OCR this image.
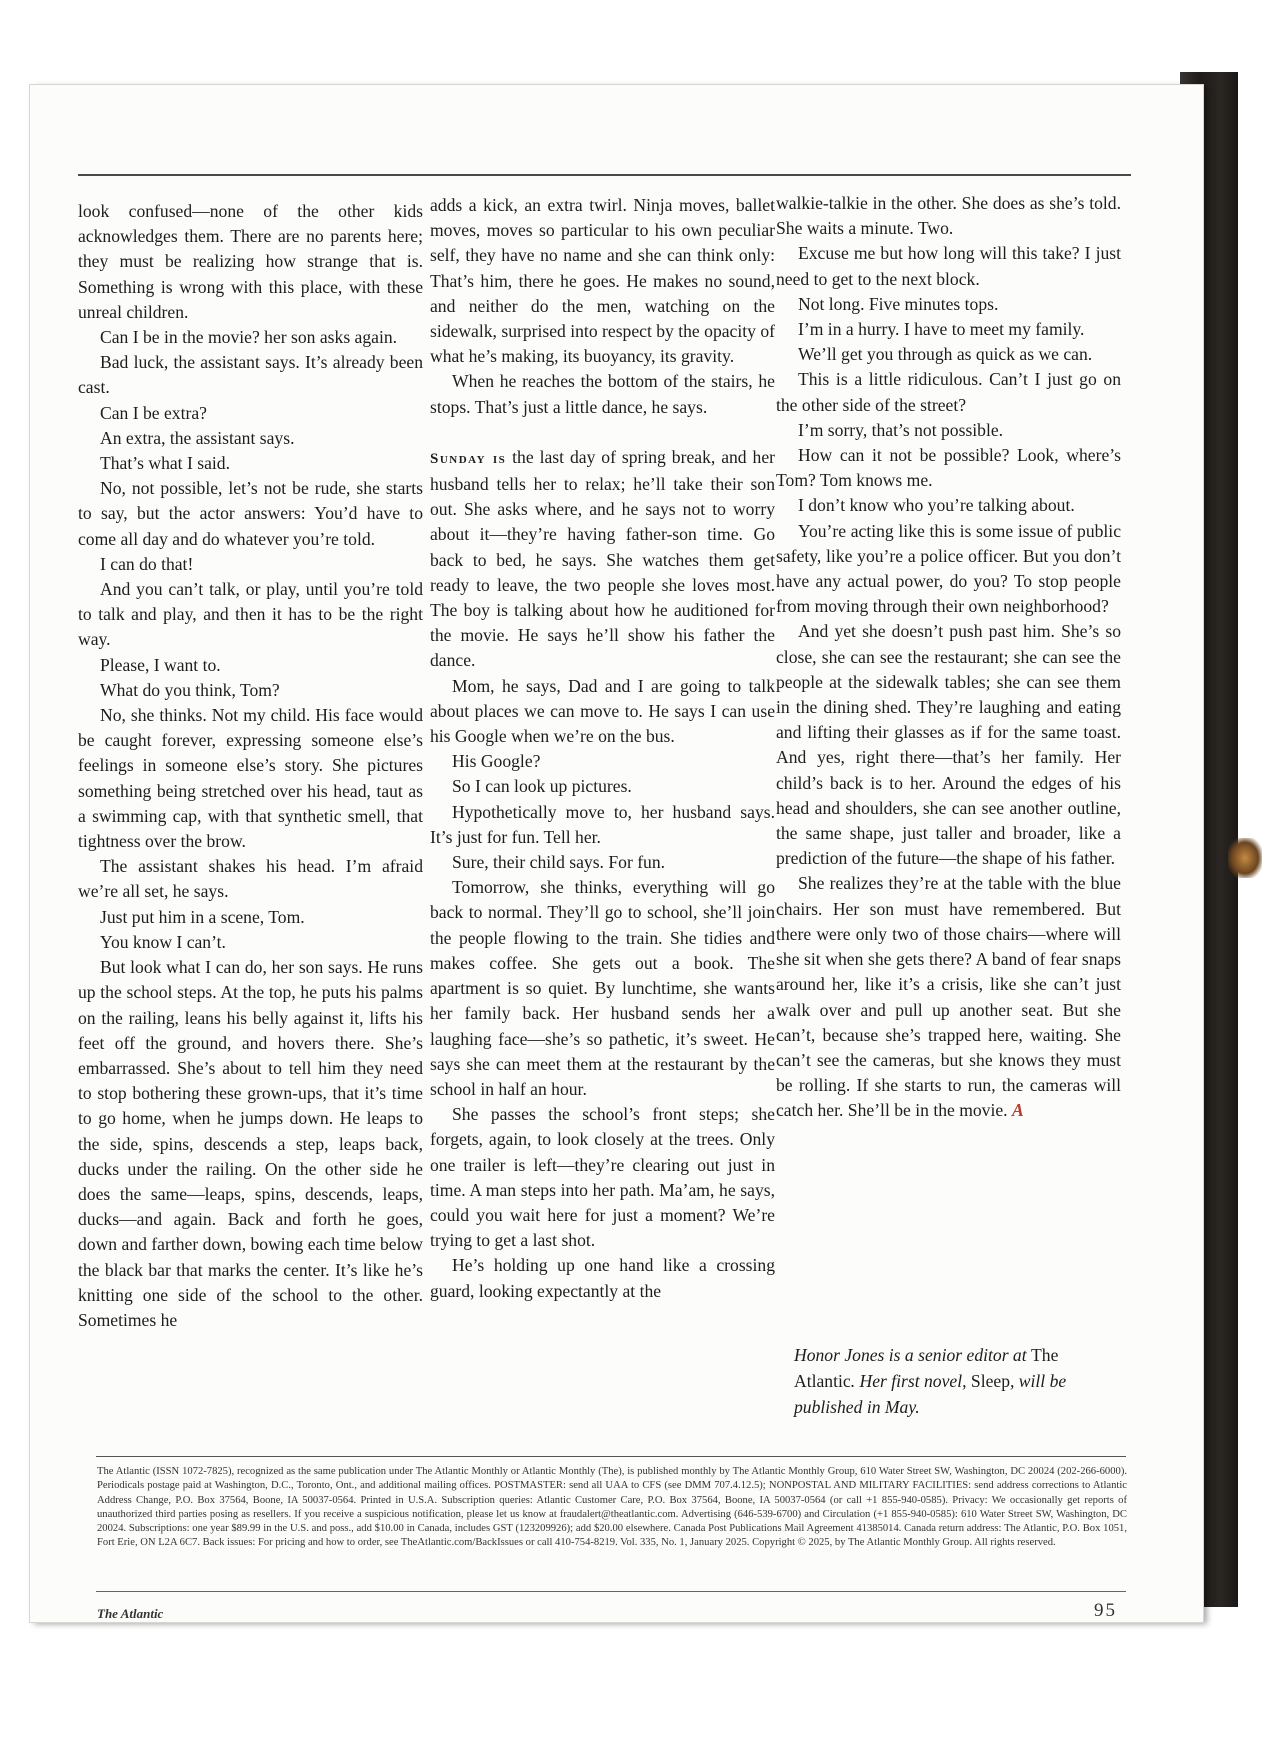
look confused—none of the other kids acknowledges them. There are no parents here; they must be realizing how strange that is. Something is wrong with this place, with these unreal children.

Can I be in the movie? her son asks again.

Bad luck, the assistant says. It’s already been cast.

Can I be extra?

An extra, the assistant says.

That’s what I said.

No, not possible, let’s not be rude, she starts to say, but the actor answers: You’d have to come all day and do whatever you’re told.

I can do that!

And you can’t talk, or play, until you’re told to talk and play, and then it has to be the right way.

Please, I want to.

What do you think, Tom?

No, she thinks. Not my child. His face would be caught forever, expressing someone else’s feelings in someone else’s story. She pictures something being stretched over his head, taut as a swimming cap, with that synthetic smell, that tightness over the brow.

The assistant shakes his head. I’m afraid we’re all set, he says.

Just put him in a scene, Tom.

You know I can’t.

But look what I can do, her son says. He runs up the school steps. At the top, he puts his palms on the railing, leans his belly against it, lifts his feet off the ground, and hovers there. She’s embarrassed. She’s about to tell him they need to stop bothering these grown-ups, that it’s time to go home, when he jumps down. He leaps to the side, spins, descends a step, leaps back, ducks under the railing. On the other side he does the same—leaps, spins, descends, leaps, ducks—and again. Back and forth he goes, down and farther down, bowing each time below the black bar that marks the center. It’s like he’s knitting one side of the school to the other. Sometimes he

adds a kick, an extra twirl. Ninja moves, ballet moves, moves so particular to his own peculiar self, they have no name and she can think only: That’s him, there he goes. He makes no sound, and neither do the men, watching on the sidewalk, surprised into respect by the opacity of what he’s making, its buoyancy, its gravity.

When he reaches the bottom of the stairs, he stops. That’s just a little dance, he says.

Sunday is the last day of spring break, and her husband tells her to relax; he’ll take their son out. She asks where, and he says not to worry about it—they’re having father-son time. Go back to bed, he says. She watches them get ready to leave, the two people she loves most. The boy is talking about how he auditioned for the movie. He says he’ll show his father the dance.

Mom, he says, Dad and I are going to talk about places we can move to. He says I can use his Google when we’re on the bus.

His Google?

So I can look up pictures.

Hypothetically move to, her husband says. It’s just for fun. Tell her.

Sure, their child says. For fun.

Tomorrow, she thinks, everything will go back to normal. They’ll go to school, she’ll join the people flowing to the train. She tidies and makes coffee. She gets out a book. The apartment is so quiet. By lunchtime, she wants her family back. Her husband sends her a laughing face—she’s so pathetic, it’s sweet. He says she can meet them at the restaurant by the school in half an hour.

She passes the school’s front steps; she forgets, again, to look closely at the trees. Only one trailer is left—they’re clearing out just in time. A man steps into her path. Ma’am, he says, could you wait here for just a moment? We’re trying to get a last shot.

He’s holding up one hand like a crossing guard, looking expectantly at the

walkie-talkie in the other. She does as she’s told. She waits a minute. Two.

Excuse me but how long will this take? I just need to get to the next block.

Not long. Five minutes tops.

I’m in a hurry. I have to meet my family.

We’ll get you through as quick as we can.

This is a little ridiculous. Can’t I just go on the other side of the street?

I’m sorry, that’s not possible.

How can it not be possible? Look, where’s Tom? Tom knows me.

I don’t know who you’re talking about.

You’re acting like this is some issue of public safety, like you’re a police officer. But you don’t have any actual power, do you? To stop people from moving through their own neighborhood?

And yet she doesn’t push past him. She’s so close, she can see the restaurant; she can see the people at the sidewalk tables; she can see them in the dining shed. They’re laughing and eating and lifting their glasses as if for the same toast. And yes, right there—that’s her family. Her child’s back is to her. Around the edges of his head and shoulders, she can see another outline, the same shape, just taller and broader, like a prediction of the future—the shape of his father.

She realizes they’re at the table with the blue chairs. Her son must have remembered. But there were only two of those chairs—where will she sit when she gets there? A band of fear snaps around her, like it’s a crisis, like she can’t just walk over and pull up another seat. But she can’t, because she’s trapped here, waiting. She can’t see the cameras, but she knows they must be rolling. If she starts to run, the cameras will catch her. She’ll be in the movie. A

Honor Jones is a senior editor at The Atlantic. Her first novel, Sleep, will be published in May.
The Atlantic (ISSN 1072-7825), recognized as the same publication under The Atlantic Monthly or Atlantic Monthly (The), is published monthly by The Atlantic Monthly Group, 610 Water Street SW, Washington, DC 20024 (202-266-6000). Periodicals postage paid at Washington, D.C., Toronto, Ont., and additional mailing offices. POSTMASTER: send all UAA to CFS (see DMM 707.4.12.5); NONPOSTAL AND MILITARY FACILITIES: send address corrections to Atlantic Address Change, P.O. Box 37564, Boone, IA 50037-0564. Printed in U.S.A. Subscription queries: Atlantic Customer Care, P.O. Box 37564, Boone, IA 50037-0564 (or call +1 855-940-0585). Privacy: We occasionally get reports of unauthorized third parties posing as resellers. If you receive a suspicious notification, please let us know at fraudalert@theatlantic.com. Advertising (646-539-6700) and Circulation (+1 855-940-0585): 610 Water Street SW, Washington, DC 20024. Subscriptions: one year $89.99 in the U.S. and poss., add $10.00 in Canada, includes GST (123209926); add $20.00 elsewhere. Canada Post Publications Mail Agreement 41385014. Canada return address: The Atlantic, P.O. Box 1051, Fort Erie, ON L2A 6C7. Back issues: For pricing and how to order, see TheAtlantic.com/BackIssues or call 410-754-8219. Vol. 335, No. 1, January 2025. Copyright © 2025, by The Atlantic Monthly Group. All rights reserved.
The Atlantic	95
